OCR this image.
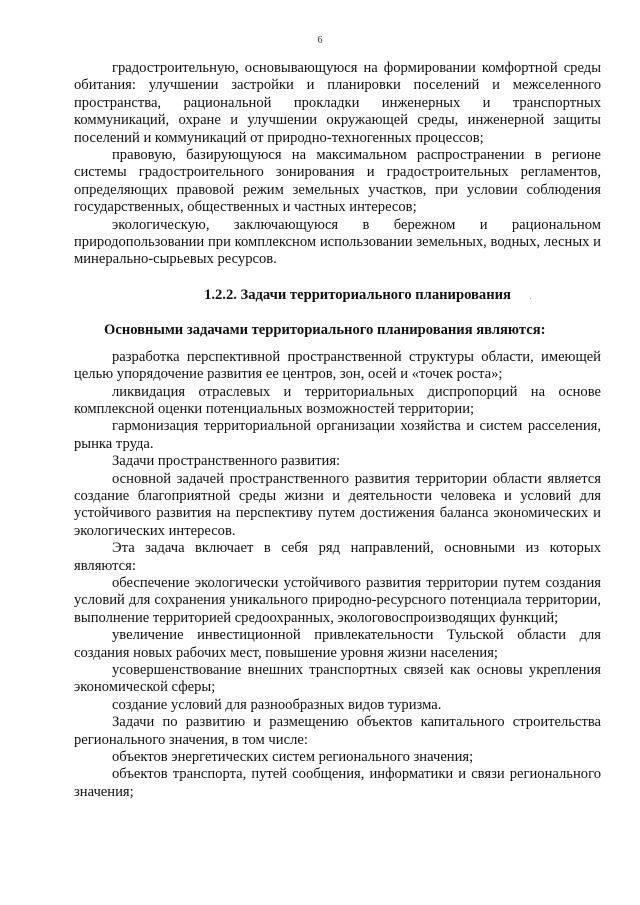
6

градостроительную, основывающуюся на формировании комфортной среды обитания: улучшении застройки и планировки поселений и межселенного пространства, рациональной прокладки инженерных и транспортных коммуникаций, охране и улучшении окружающей среды, инженерной защиты поселений и коммуникаций от природно-техногенных процессов;

правовую, базирующуюся на максимальном распространении в регионе системы градостроительного зонирования и градостроительных регламентов, определяющих правовой режим земельных участков, при условии соблюдения государственных, общественных и частных интересов;

экологическую, заключающуюся в бережном и рациональном природопользовании при комплексном использовании земельных, водных, лесных и минерально-сырьевых ресурсов.

1.2.2. Задачи территориального планирования

Основными задачами территориального планирования являются:

разработка перспективной пространственной структуры области, имеющей целью упорядочение развития ее центров, зон, осей и «точек роста»;

ликвидация отраслевых и территориальных диспропорций на основе комплексной оценки потенциальных возможностей территории;

гармонизация территориальной организации хозяйства и систем расселения, рынка труда.

Задачи пространственного развития:

основной задачей пространственного развития территории области является создание благоприятной среды жизни и деятельности человека и условий для устойчивого развития на перспективу путем достижения баланса экономических и экологических интересов.

Эта задача включает в себя ряд направлений, основными из которых являются:

обеспечение экологически устойчивого развития территории путем создания условий для сохранения уникального природно-ресурсного потенциала территории, выполнение территорией средоохранных, экологовоспроизводящих функций;

увеличение инвестиционной привлекательности Тульской области для создания новых рабочих мест, повышение уровня жизни населения;

усовершенствование внешних транспортных связей как основы укрепления экономической сферы;

создание условий для разнообразных видов туризма.

Задачи по развитию и размещению объектов капитального строительства регионального значения, в том числе:

объектов энергетических систем регионального значения;

объектов транспорта, путей сообщения, информатики и связи регионального значения;
